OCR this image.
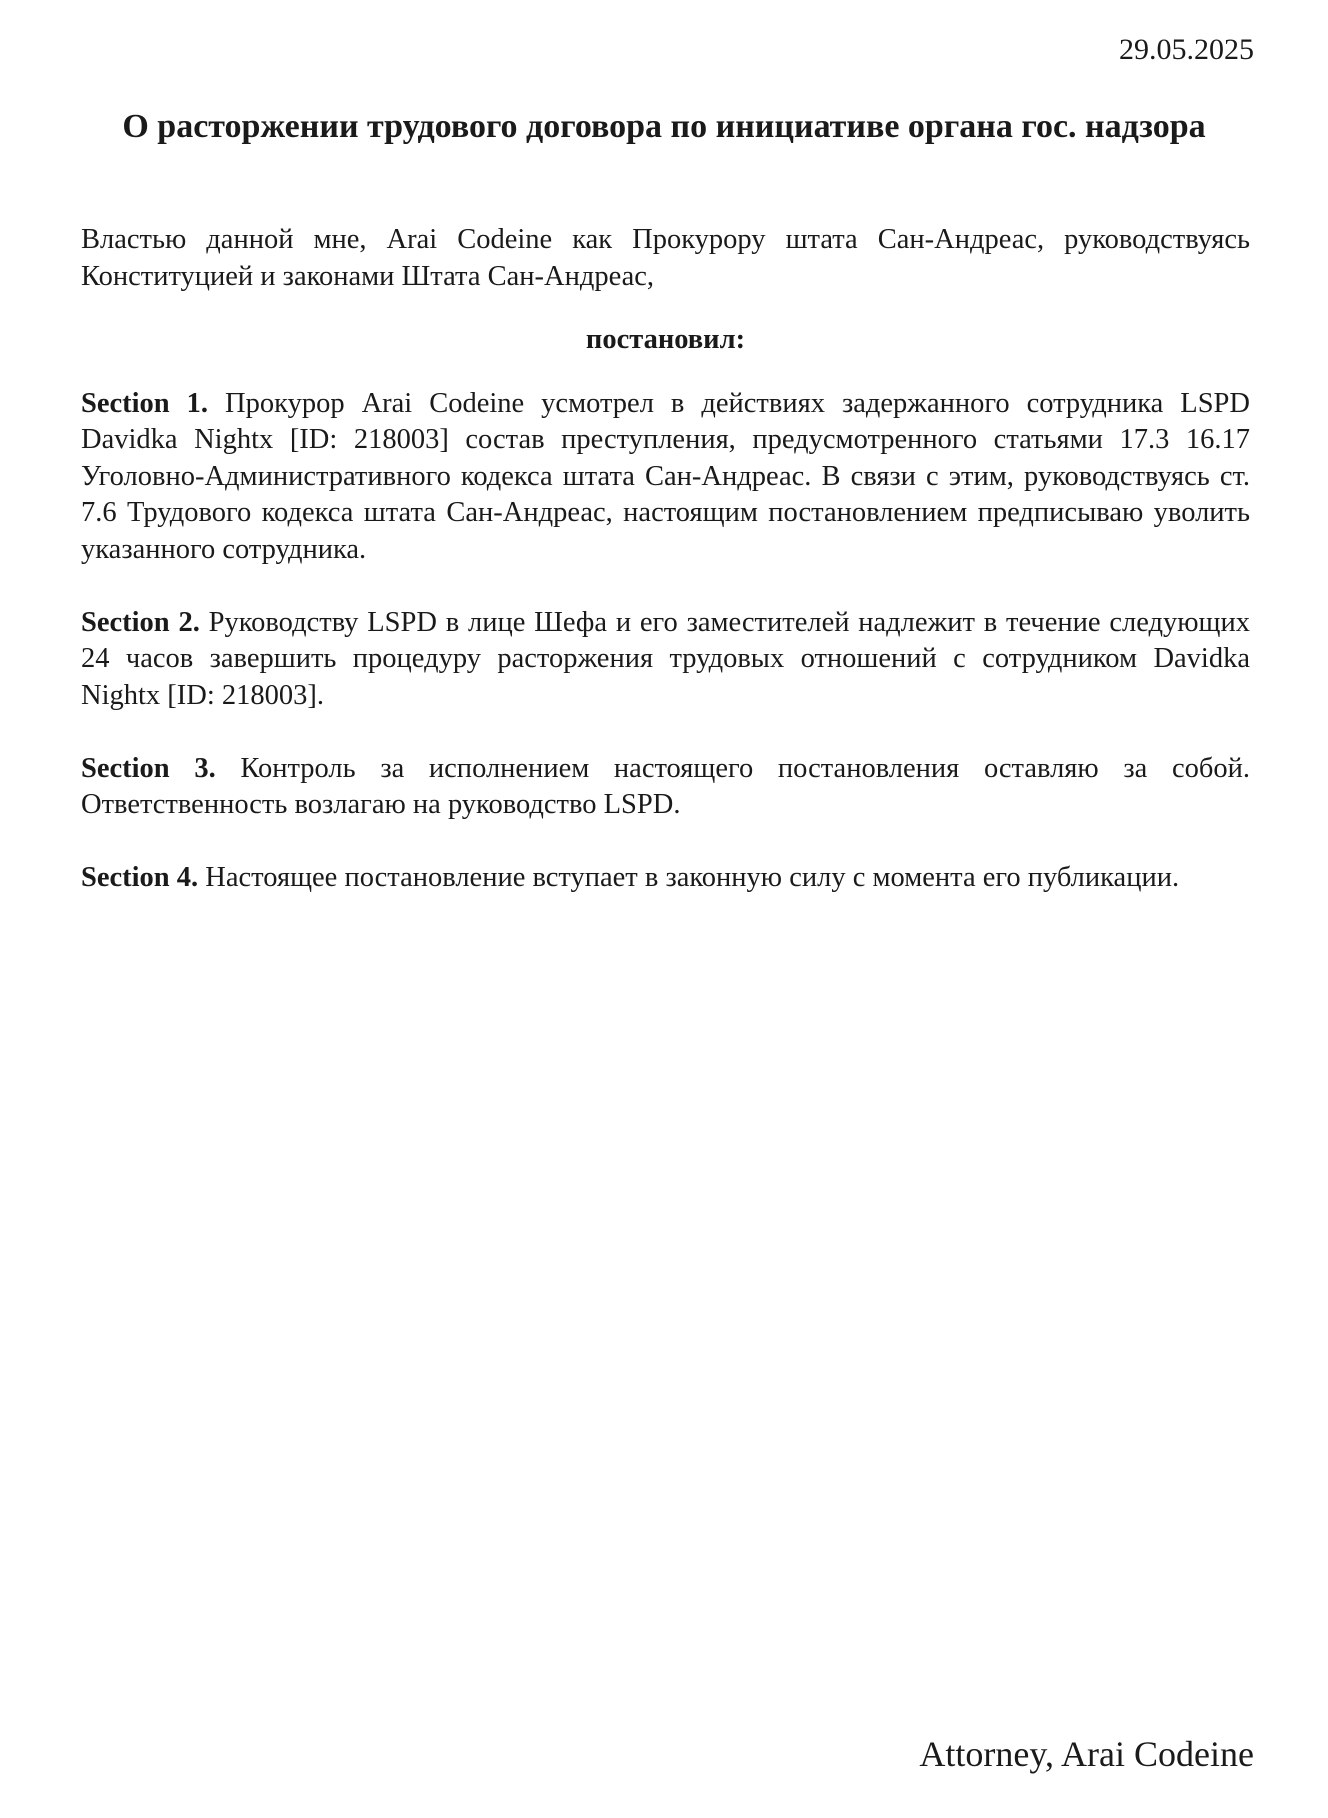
29.05.2025
О расторжении трудового договора по инициативе органа гос. надзора

Властью данной мне, Arai Codeine как Прокурору штата Сан-Андреас, руководствуясь Конституцией и законами Штата Сан-Андреас,

постановил:

Section 1. Прокурор Arai Codeine усмотрел в действиях задержанного сотрудника LSPD Davidka Nightx [ID: 218003] состав преступления, предусмотренного статьями 17.3 16.17 Уголовно-Административного кодекса штата Сан-Андреас. В связи с этим, руководствуясь ст. 7.6 Трудового кодекса штата Сан-Андреас, настоящим постановлением предписываю уволить указанного сотрудника.

Section 2. Руководству LSPD в лице Шефа и его заместителей надлежит в течение следующих 24 часов завершить процедуру расторжения трудовых отношений с сотрудником Davidka Nightx [ID: 218003].

Section 3. Контроль за исполнением настоящего постановления оставляю за собой. Ответственность возлагаю на руководство LSPD.

Section 4. Настоящее постановление вступает в законную силу с момента его публикации.

Attorney, Arai Codeine
